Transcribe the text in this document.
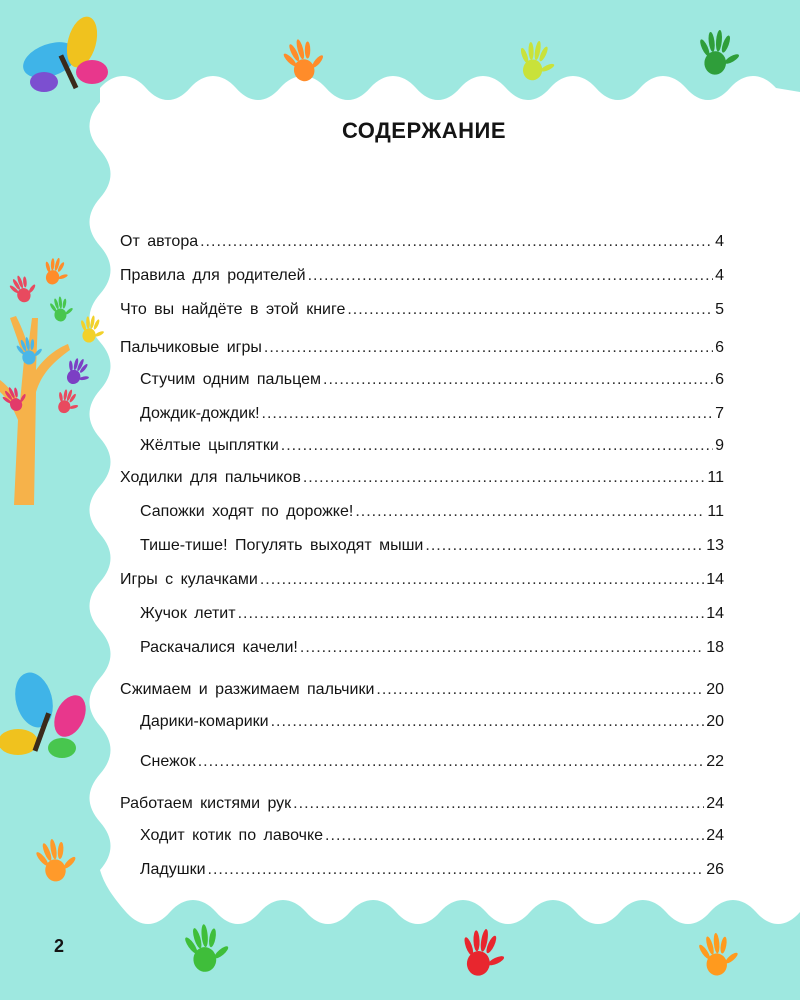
СОДЕРЖАНИЕ
От автора .....	4
Правила для родителей .....	4
Что вы найдёте в этой книге .....	5
Пальчиковые игры .....	6
Стучим одним пальцем .....	6
Дождик-дождик! .....	7
Жёлтые цыплятки .....	9
Ходилки для пальчиков .....	11
Сапожки ходят по дорожке! .....	11
Тише-тише! Погулять выходят мыши .....	13
Игры с кулачками .....	14
Жучок летит .....	14
Раскачалися качели! .....	18
Сжимаем и разжимаем пальчики .....	20
Дарики-комарики .....	20
Снежок .....	22
Работаем кистями рук .....	24
Ходит котик по лавочке .....	24
Ладушки .....	26
2
